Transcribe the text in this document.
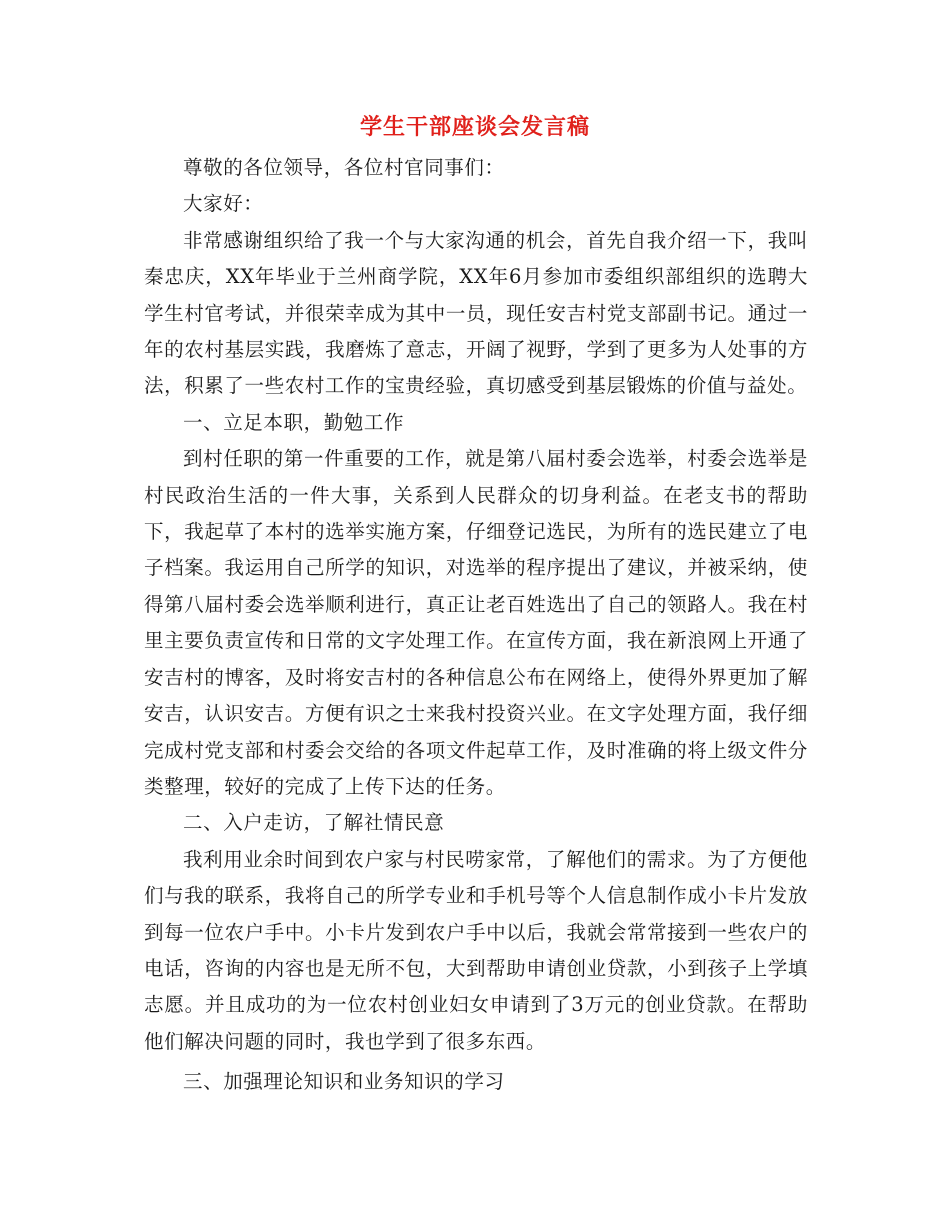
学生干部座谈会发言稿

尊敬的各位领导，各位村官同事们：

大家好：

非常感谢组织给了我一个与大家沟通的机会，首先自我介绍一下，我叫秦忠庆，XX年毕业于兰州商学院，XX年6月参加市委组织部组织的选聘大学生村官考试，并很荣幸成为其中一员，现任安吉村党支部副书记。通过一年的农村基层实践，我磨炼了意志，开阔了视野，学到了更多为人处事的方法，积累了一些农村工作的宝贵经验，真切感受到基层锻炼的价值与益处。

一、立足本职，勤勉工作

到村任职的第一件重要的工作，就是第八届村委会选举，村委会选举是村民政治生活的一件大事，关系到人民群众的切身利益。在老支书的帮助下，我起草了本村的选举实施方案，仔细登记选民，为所有的选民建立了电子档案。我运用自己所学的知识，对选举的程序提出了建议，并被采纳，使得第八届村委会选举顺利进行，真正让老百姓选出了自己的领路人。我在村里主要负责宣传和日常的文字处理工作。在宣传方面，我在新浪网上开通了安吉村的博客，及时将安吉村的各种信息公布在网络上，使得外界更加了解安吉，认识安吉。方便有识之士来我村投资兴业。在文字处理方面，我仔细完成村党支部和村委会交给的各项文件起草工作，及时准确的将上级文件分类整理，较好的完成了上传下达的任务。

二、入户走访，了解社情民意

我利用业余时间到农户家与村民唠家常，了解他们的需求。为了方便他们与我的联系，我将自己的所学专业和手机号等个人信息制作成小卡片发放到每一位农户手中。小卡片发到农户手中以后，我就会常常接到一些农户的电话，咨询的内容也是无所不包，大到帮助申请创业贷款，小到孩子上学填志愿。并且成功的为一位农村创业妇女申请到了3万元的创业贷款。在帮助他们解决问题的同时，我也学到了很多东西。

三、加强理论知识和业务知识的学习
